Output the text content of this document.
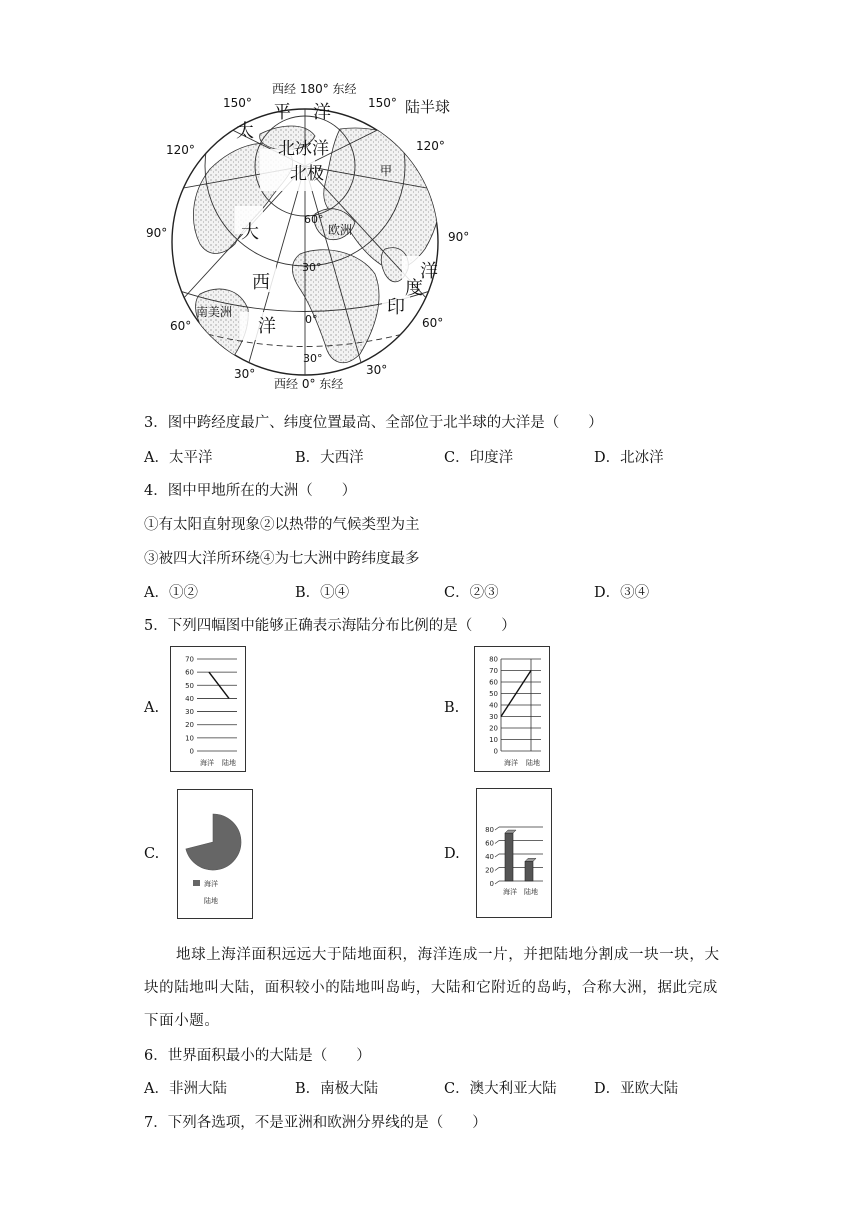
西经 180° 东经
陆半球
150°	150°
120°	120°
90°	90°
60°	60°
60°
30°
0°
30°
30°	30°
西经 0° 东经
平 洋
太
大
西
洋
洋
度
印
北冰洋
北极	甲
欧洲
南美洲
3．图中跨经度最广、纬度位置最高、全部位于北半球的大洋是（　　）
A．太平洋	B．大西洋	C．印度洋	D．北冰洋
4．图中甲地所在的大洲（　　）
①有太阳直射现象②以热带的气候类型为主
③被四大洋所环绕④为七大洲中跨纬度最多
A．①②	B．①④	C．②③	D．③④
5．下列四幅图中能够正确表示海陆分布比例的是（　　）
A.
70
60
50
40
30
20
10
0
海洋 陆地
B.
80
70
60
50
40
30
20
10
0
海洋 陆地
C.
海洋
陆地
D.
80
60
40
20
0
海洋 陆地
地球上海洋面积远远大于陆地面积，海洋连成一片，并把陆地分割成一块一块，大
块的陆地叫大陆，面积较小的陆地叫岛屿，大陆和它附近的岛屿，合称大洲，据此完成
下面小题。
6．世界面积最小的大陆是（　　）
A．非洲大陆	B．南极大陆	C．澳大利亚大陆	D．亚欧大陆
7．下列各选项，不是亚洲和欧洲分界线的是（　　）
